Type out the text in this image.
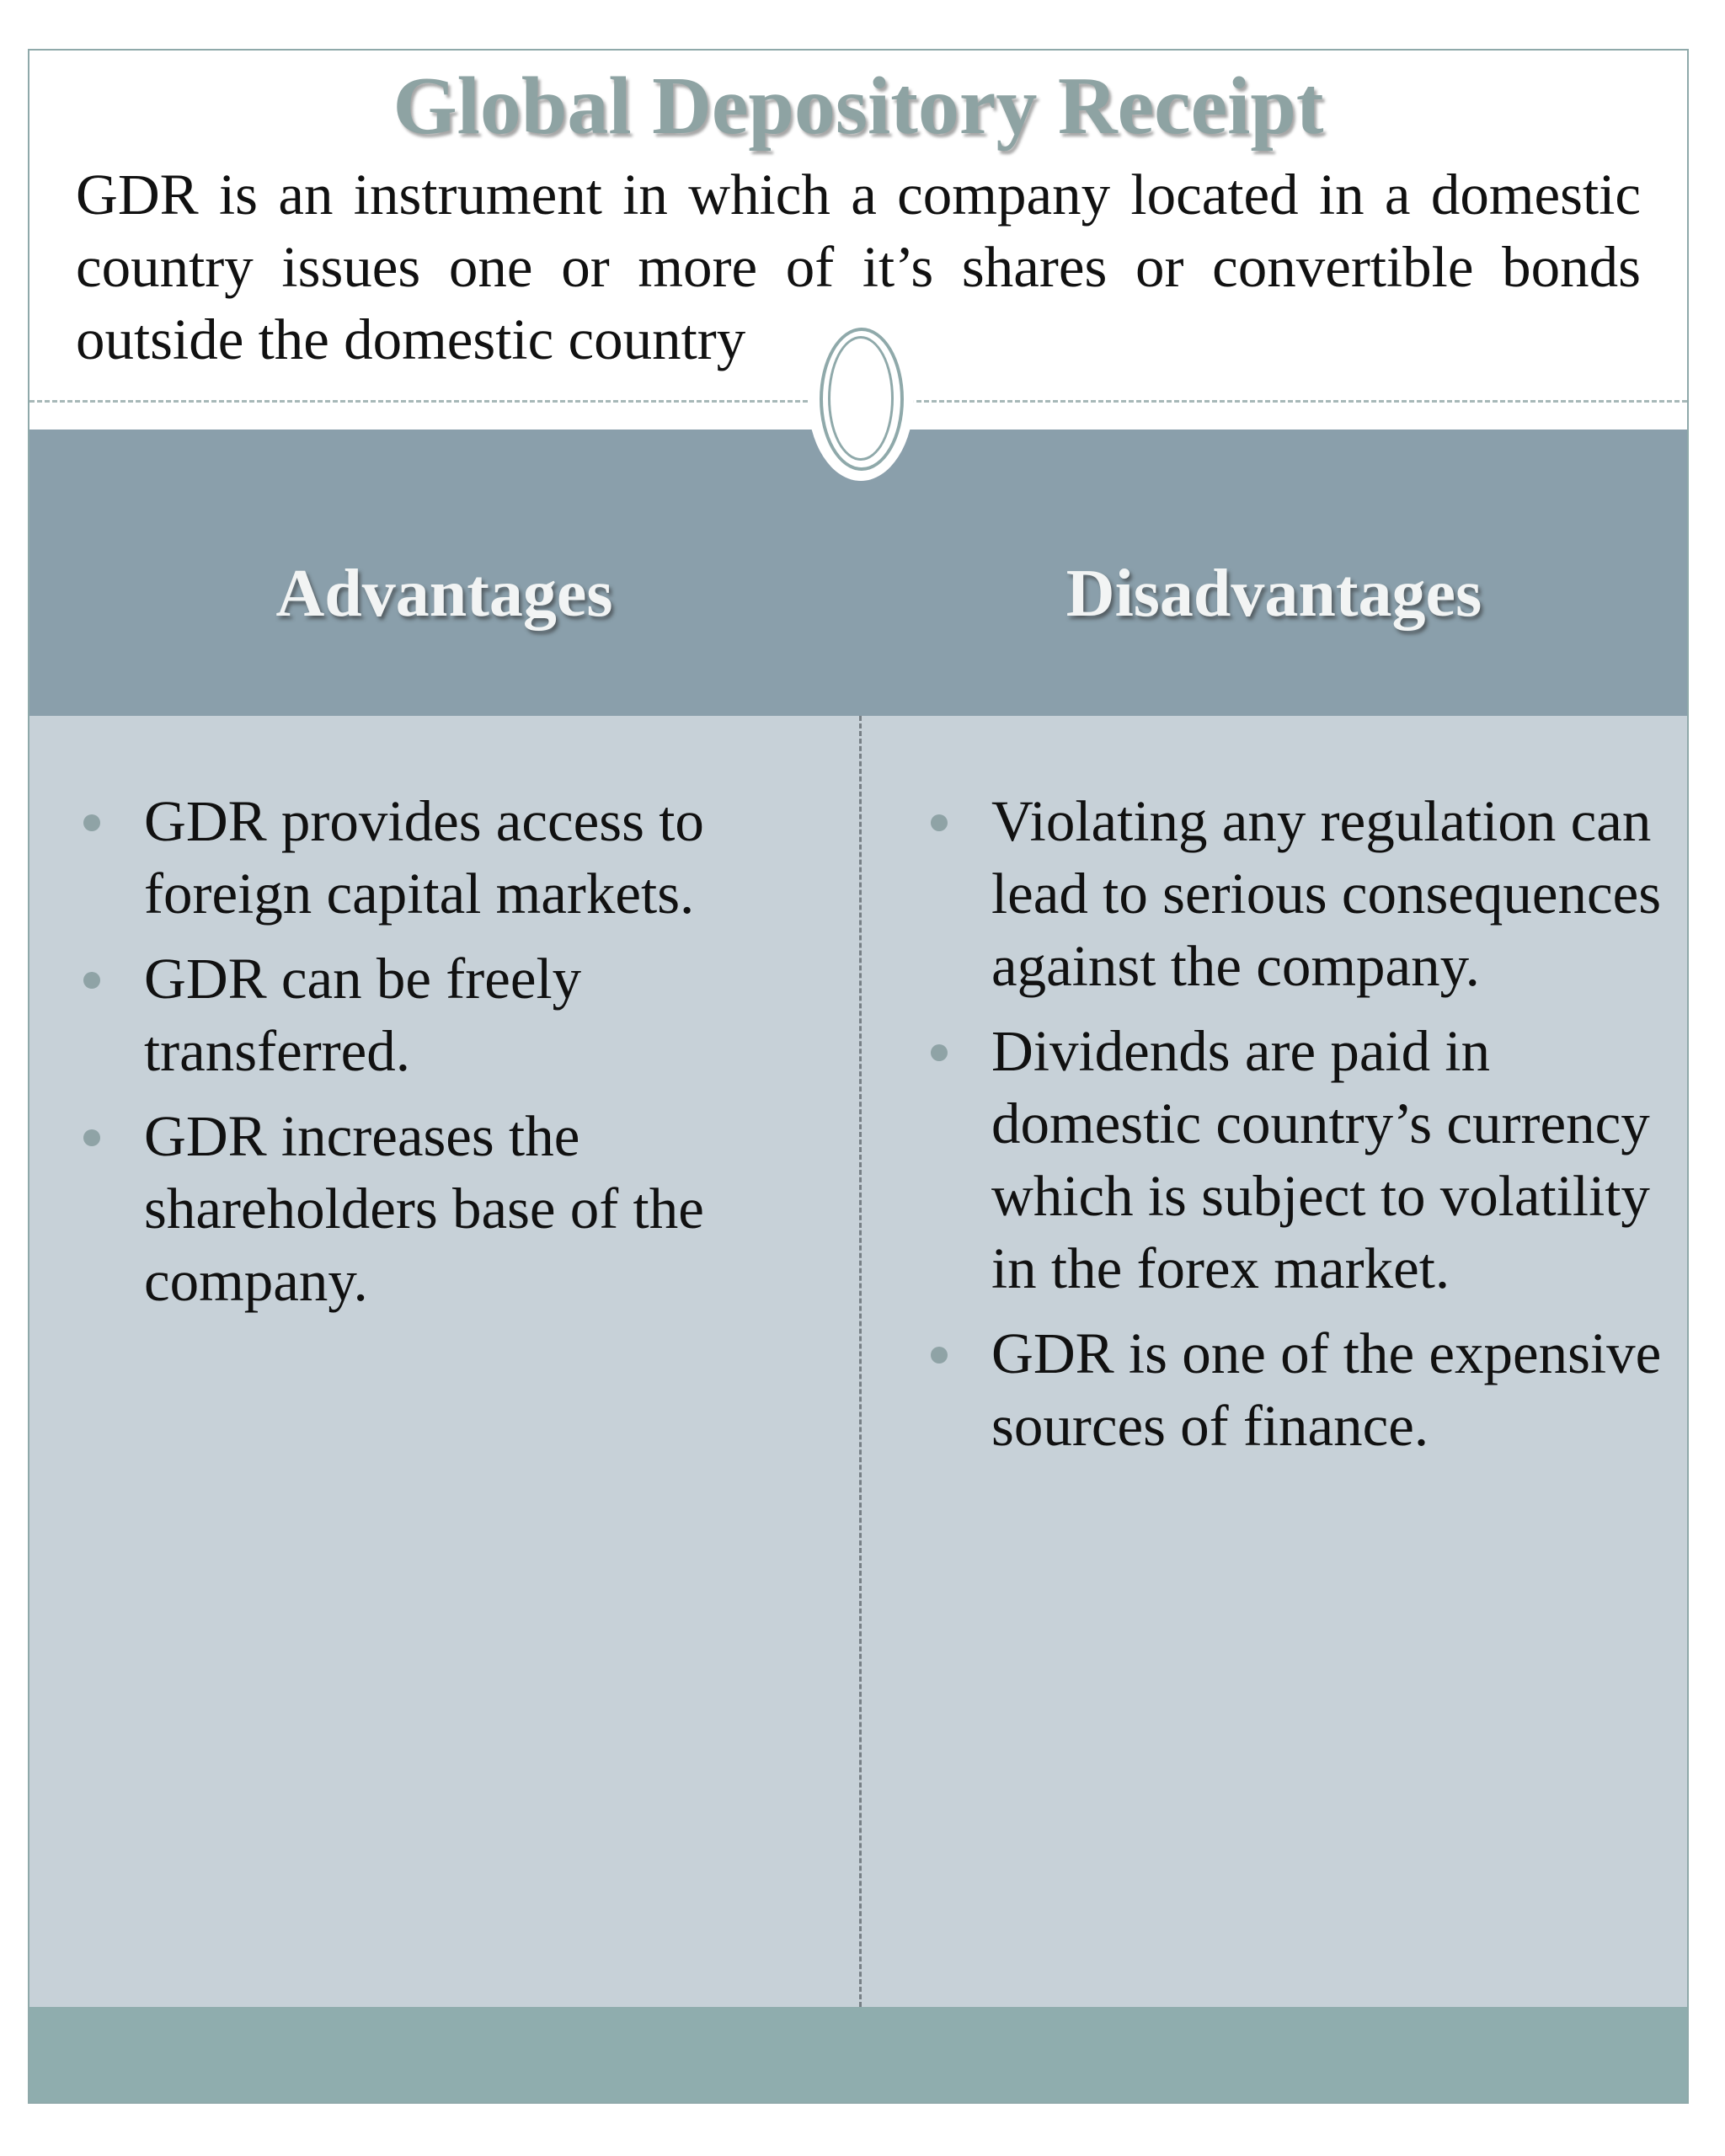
Global Depository Receipt
GDR is an instrument in which a company located in a domestic country issues one or more of it’s shares or convertible bonds outside the domestic country
Advantages	Disadvantages
GDR provides access to foreign capital markets.
GDR can be freely transferred.
GDR increases the shareholders base of the company.
Violating any regulation can lead to serious consequences against the company.
Dividends are paid in domestic country’s currency which is subject to volatility in the forex market.
GDR is one of the expensive sources of finance.
